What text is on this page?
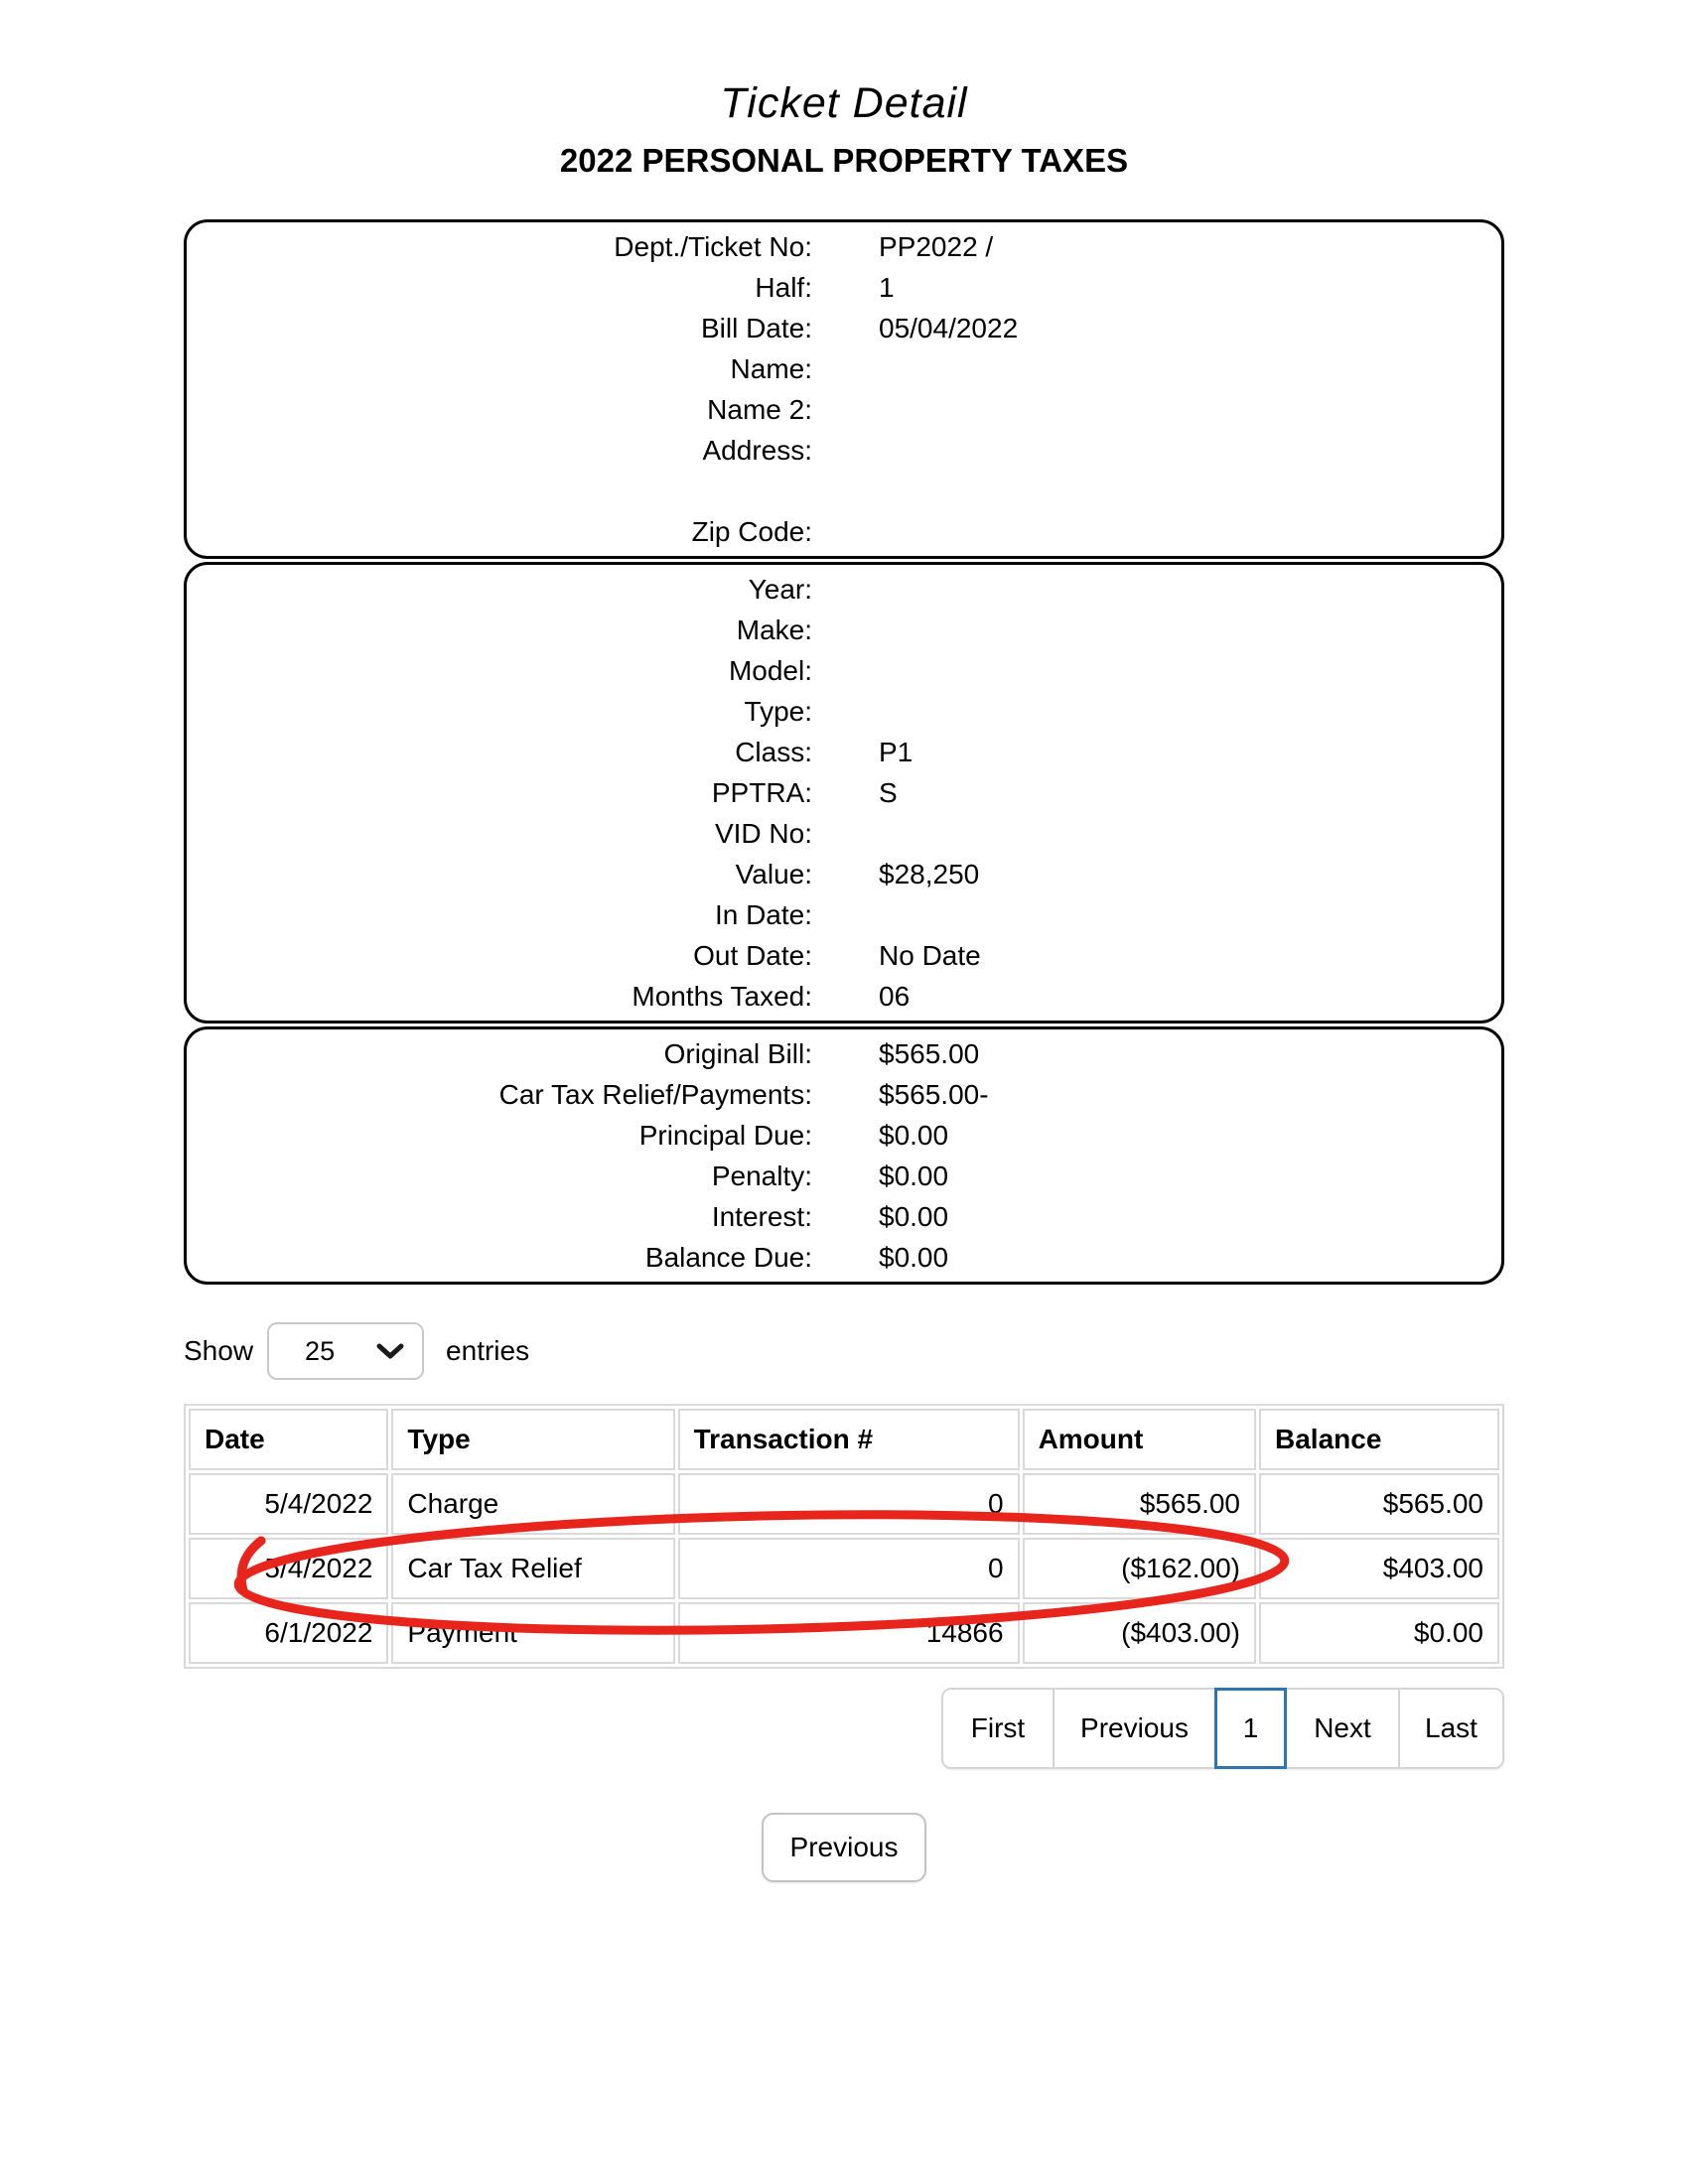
Ticket Detail
2022 PERSONAL PROPERTY TAXES
Dept./Ticket No:	PP2022 /
Half:	1
Bill Date:	05/04/2022
Name:
Name 2:
Address:
Zip Code:
Year:
Make:
Model:
Type:
Class:	P1
PPTRA:	S
VID No:
Value:	$28,250
In Date:
Out Date:	No Date
Months Taxed:	06
Original Bill:	$565.00
Car Tax Relief/Payments:	$565.00-
Principal Due:	$0.00
Penalty:	$0.00
Interest:	$0.00
Balance Due:	$0.00
Show 25	entries
Date	Type	Transaction #	Amount	Balance
5/4/2022	Charge	0	$565.00	$565.00
5/4/2022	Car Tax Relief	0	($162.00)	$403.00
6/1/2022	Payment	14866	($403.00)	$0.00
First	Previous	1	Next	Last
Previous
